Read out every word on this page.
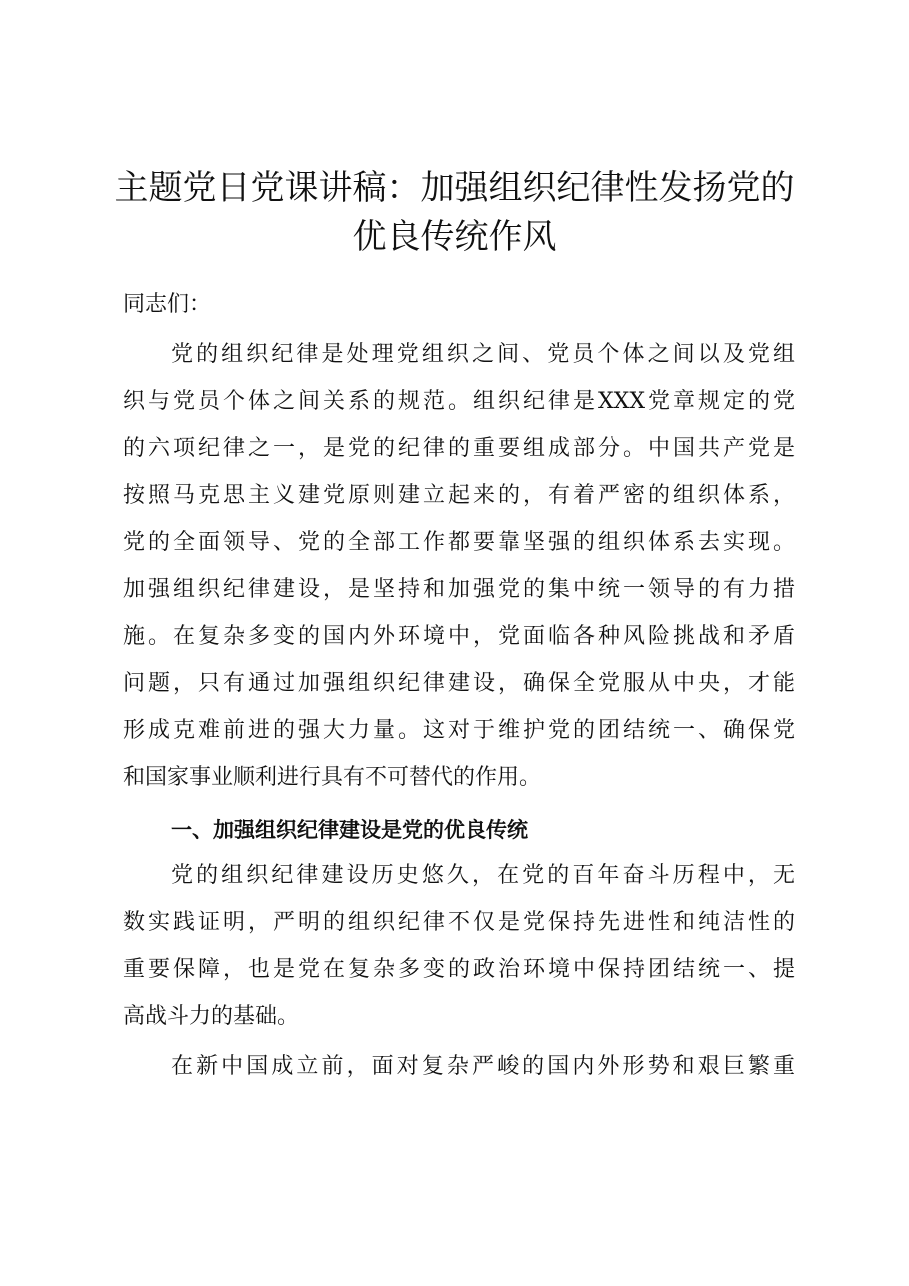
主题党日党课讲稿：加强组织纪律性发扬党的
优良传统作风

同志们：

党的组织纪律是处理党组织之间、党员个体之间以及党组
织与党员个体之间关系的规范。组织纪律是XXX党章规定的党
的六项纪律之一，是党的纪律的重要组成部分。中国共产党是
按照马克思主义建党原则建立起来的，有着严密的组织体系，
党的全面领导、党的全部工作都要靠坚强的组织体系去实现。
加强组织纪律建设，是坚持和加强党的集中统一领导的有力措
施。在复杂多变的国内外环境中，党面临各种风险挑战和矛盾
问题，只有通过加强组织纪律建设，确保全党服从中央，才能
形成克难前进的强大力量。这对于维护党的团结统一、确保党
和国家事业顺利进行具有不可替代的作用。
一、加强组织纪律建设是党的优良传统
党的组织纪律建设历史悠久，在党的百年奋斗历程中，无
数实践证明，严明的组织纪律不仅是党保持先进性和纯洁性的
重要保障，也是党在复杂多变的政治环境中保持团结统一、提
高战斗力的基础。
在新中国成立前，面对复杂严峻的国内外形势和艰巨繁重
